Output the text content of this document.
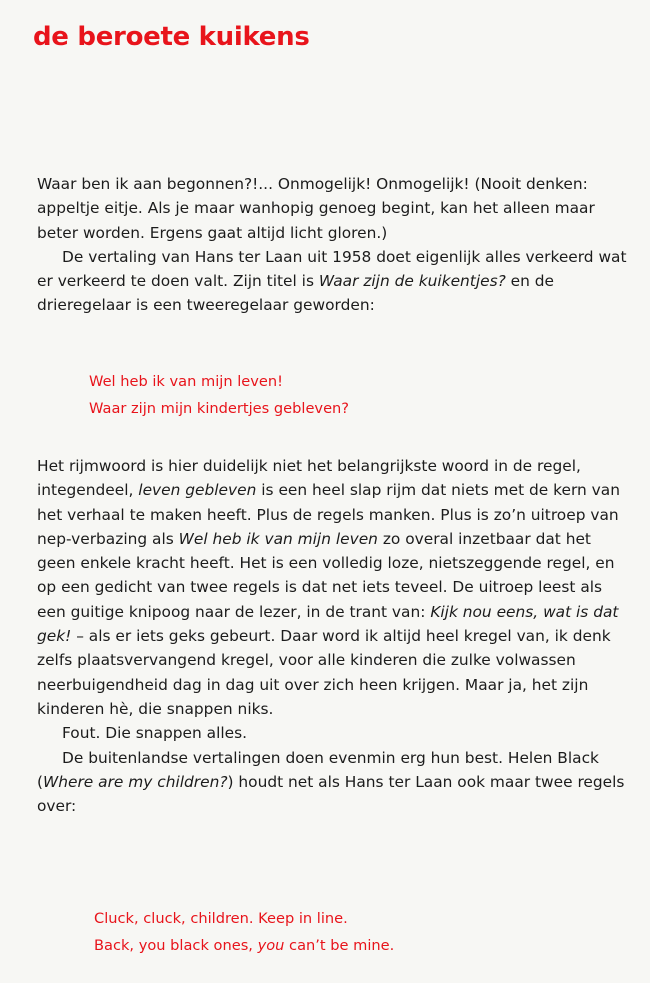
de beroete kuikens

Waar ben ik aan begonnen?!... Onmogelijk! Onmogelijk! (Nooit denken: appeltje eitje. Als je maar wanhopig genoeg begint, kan het alleen maar beter worden. Ergens gaat altijd licht gloren.)

De vertaling van Hans ter Laan uit 1958 doet eigenlijk alles verkeerd wat er verkeerd te doen valt. Zijn titel is Waar zijn de kuikentjes? en de drieregelaar is een tweeregelaar geworden:

Wel heb ik van mijn leven!

Waar zijn mijn kindertjes gebleven?

Het rijmwoord is hier duidelijk niet het belangrijkste woord in de regel, integendeel, leven gebleven is een heel slap rijm dat niets met de kern van het verhaal te maken heeft. Plus de regels manken. Plus is zo’n uitroep van nep-verbazing als Wel heb ik van mijn leven zo overal inzetbaar dat het geen enkele kracht heeft. Het is een volledig loze, nietszeggende regel, en op een gedicht van twee regels is dat net iets teveel. De uitroep leest als een guitige knipoog naar de lezer, in de trant van: Kijk nou eens, wat is dat gek! – als er iets geks gebeurt. Daar word ik altijd heel kregel van, ik denk zelfs plaatsvervangend kregel, voor alle kinderen die zulke volwassen neerbuigendheid dag in dag uit over zich heen krijgen. Maar ja, het zijn kinderen hè, die snappen niks.

Fout. Die snappen alles.

De buitenlandse vertalingen doen evenmin erg hun best. Helen Black (Where are my children?) houdt net als Hans ter Laan ook maar twee regels over:

Cluck, cluck, children. Keep in line.

Back, you black ones, you can’t be mine.
